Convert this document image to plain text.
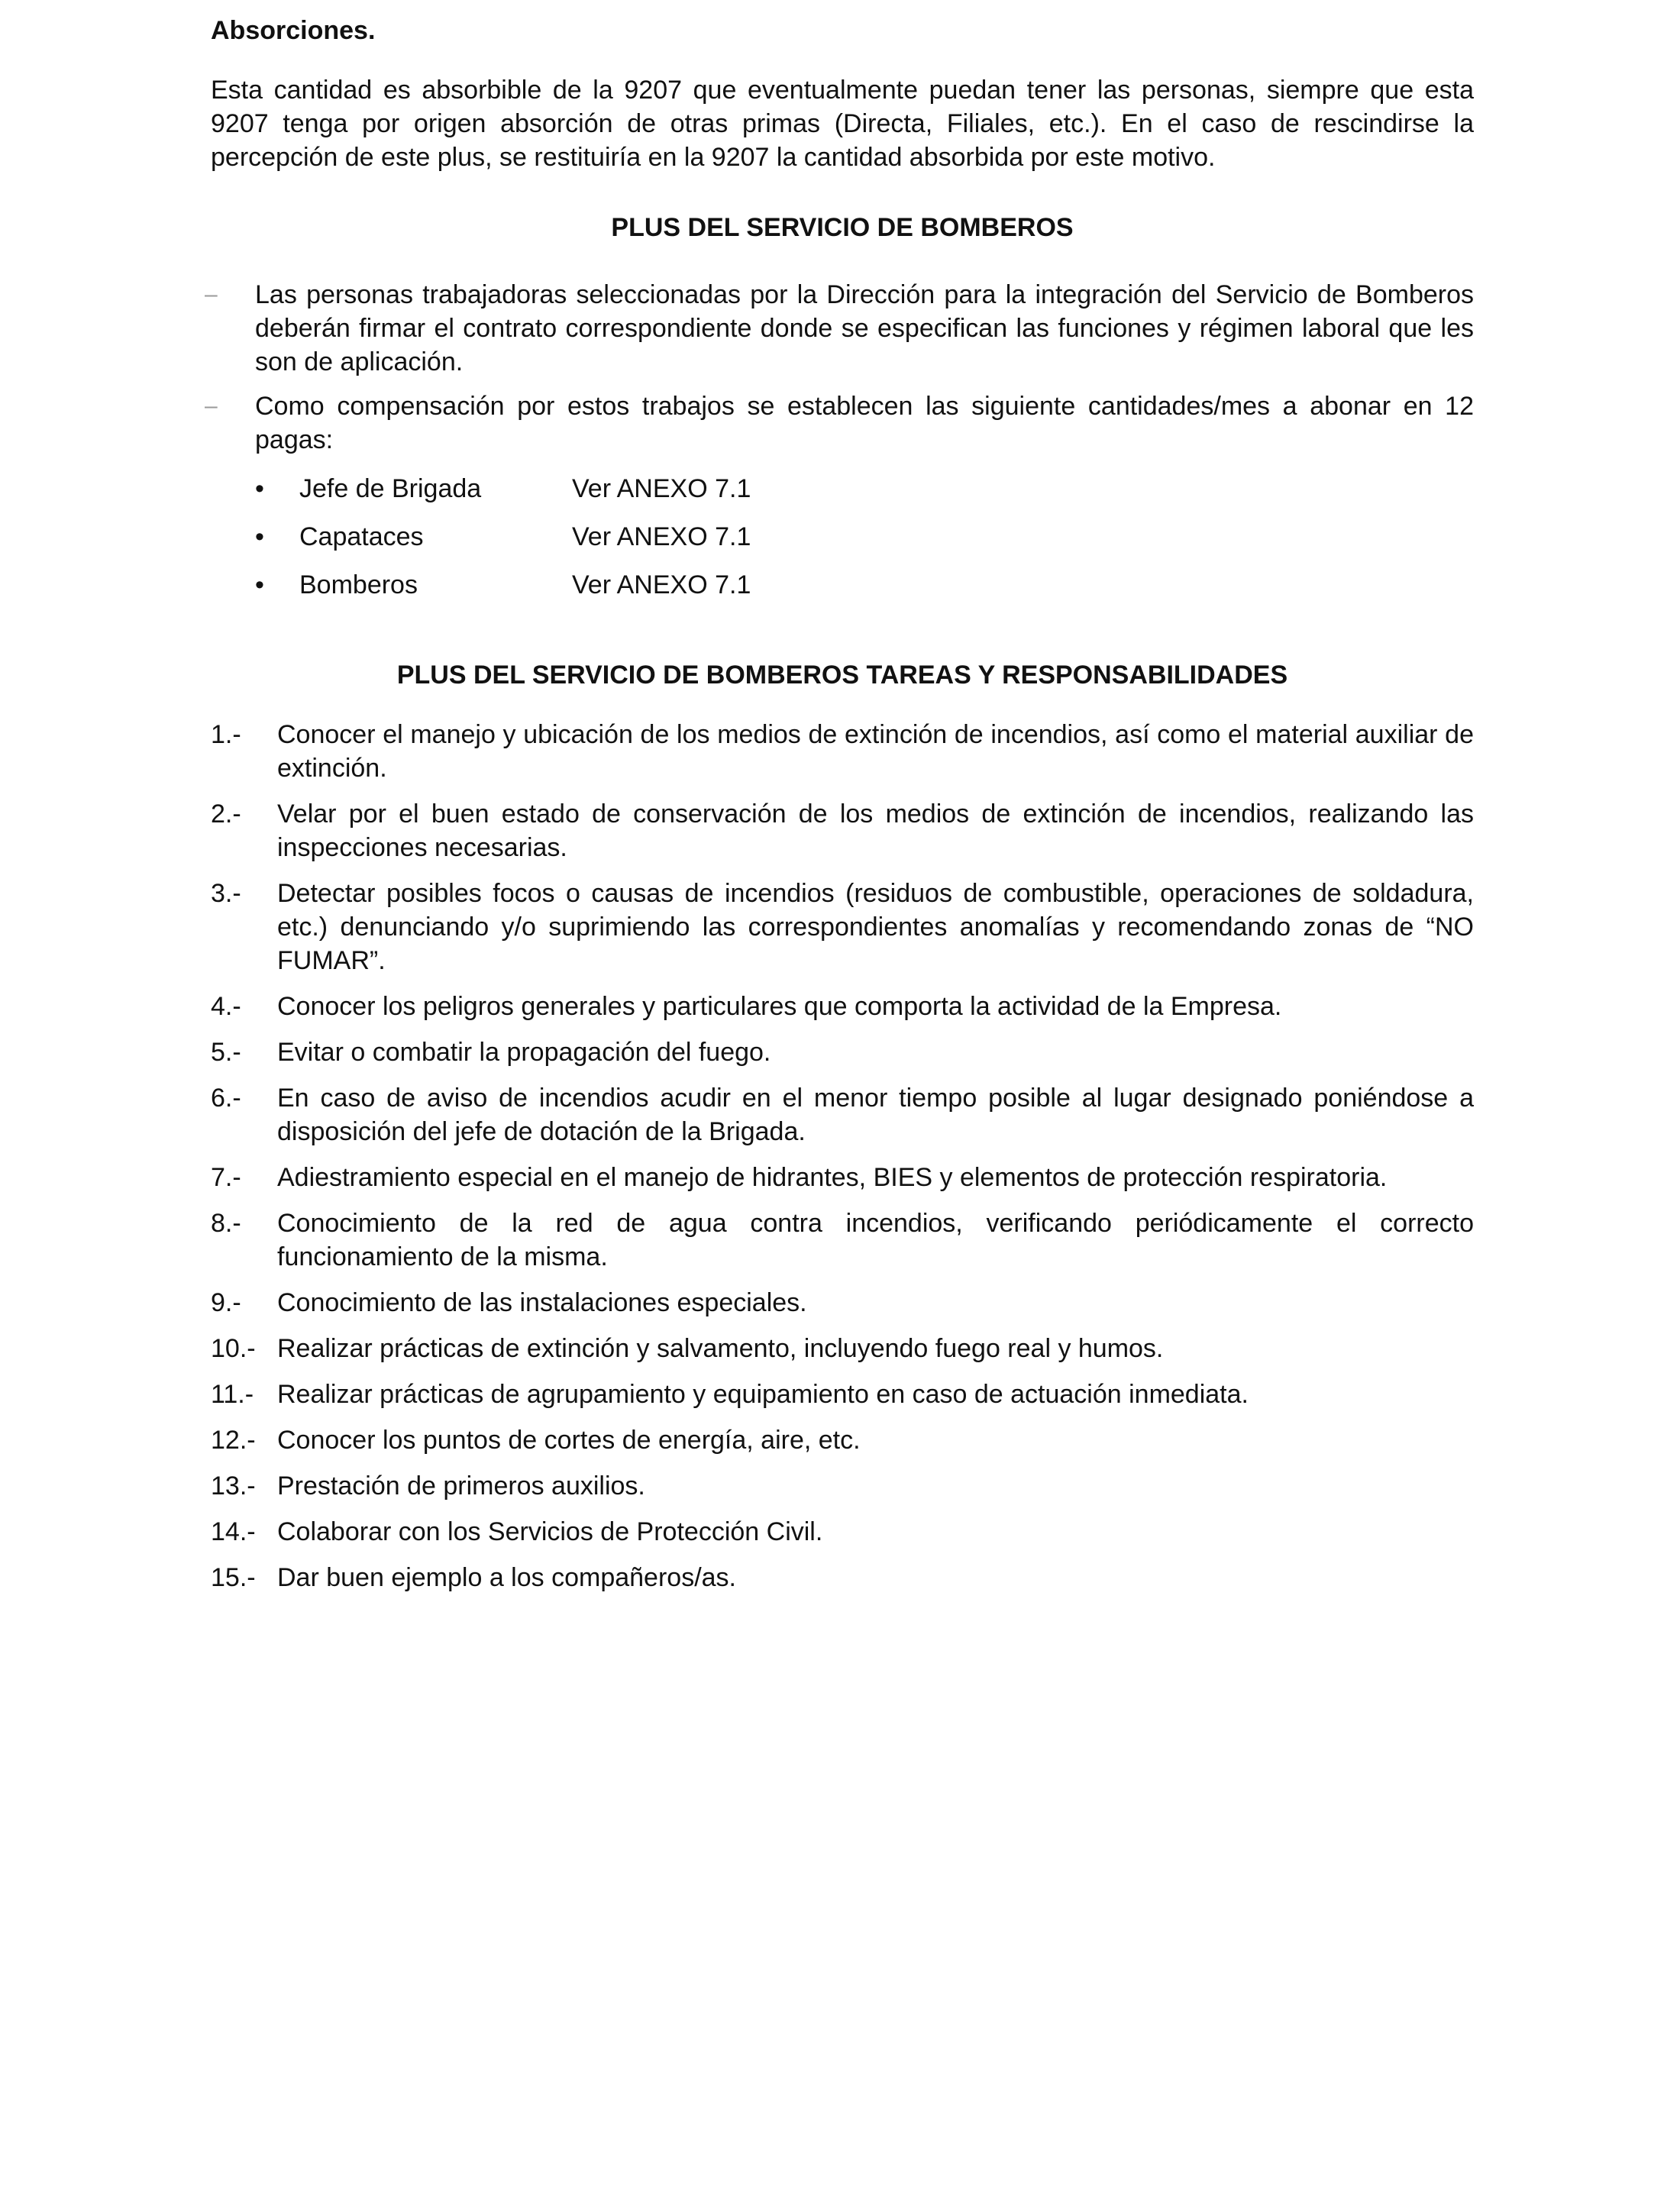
Absorciones.

Esta cantidad es absorbible de la 9207 que eventualmente puedan tener las personas, siempre que esta 9207 tenga por origen absorción de otras primas (Directa, Filiales, etc.). En el caso de rescindirse la percepción de este plus, se restituiría en la 9207 la cantidad absorbida por este motivo.

PLUS DEL SERVICIO DE BOMBEROS
– Las personas trabajadoras seleccionadas por la Dirección para la integración del Servicio de Bomberos deberán firmar el contrato correspondiente donde se especifican las funciones y régimen laboral que les son de aplicación.
– Como compensación por estos trabajos se establecen las siguiente cantidades/mes a abonar en 12 pagas:
• Jefe de Brigada	Ver ANEXO 7.1
• Capataces	Ver ANEXO 7.1
• Bomberos	Ver ANEXO 7.1
PLUS DEL SERVICIO DE BOMBEROS TAREAS Y RESPONSABILIDADES
1.-	Conocer el manejo y ubicación de los medios de extinción de incendios, así como el material auxiliar de extinción.
2.-	Velar por el buen estado de conservación de los medios de extinción de incendios, realizando las inspecciones necesarias.
3.-	Detectar posibles focos o causas de incendios (residuos de combustible, operaciones de soldadura, etc.) denunciando y/o suprimiendo las correspondientes anomalías y recomendando zonas de “NO FUMAR”.
4.-	Conocer los peligros generales y particulares que comporta la actividad de la Empresa.
5.-	Evitar o combatir la propagación del fuego.
6.-	En caso de aviso de incendios acudir en el menor tiempo posible al lugar designado poniéndose a disposición del jefe de dotación de la Brigada.
7.-	Adiestramiento especial en el manejo de hidrantes, BIES y elementos de protección respiratoria.
8.-	Conocimiento de la red de agua contra incendios, verificando periódicamente el correcto funcionamiento de la misma.
9.-	Conocimiento de las instalaciones especiales.
10.- Realizar prácticas de extinción y salvamento, incluyendo fuego real y humos.
11.- Realizar prácticas de agrupamiento y equipamiento en caso de actuación inmediata.
12.- Conocer los puntos de cortes de energía, aire, etc.
13.- Prestación de primeros auxilios.
14.- Colaborar con los Servicios de Protección Civil.
15.- Dar buen ejemplo a los compañeros/as.
